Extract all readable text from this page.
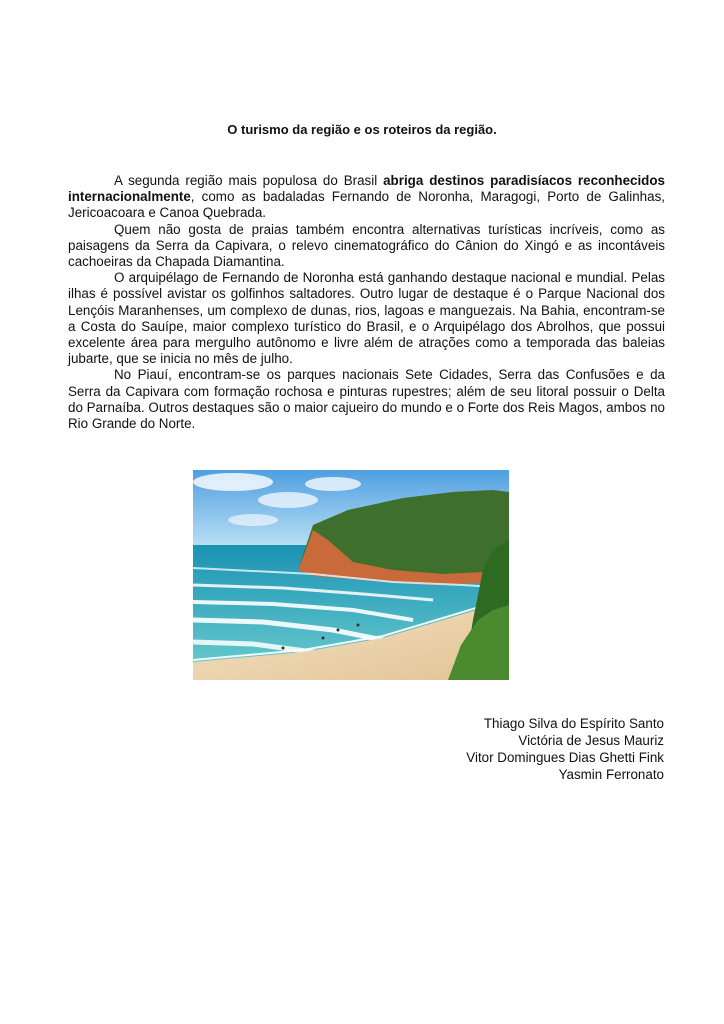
O turismo da região e os roteiros da região.

A segunda região mais populosa do Brasil abriga destinos paradisíacos reconhecidos internacionalmente, como as badaladas Fernando de Noronha, Maragogi, Porto de Galinhas, Jericoacoara e Canoa Quebrada.

Quem não gosta de praias também encontra alternativas turísticas incríveis, como as paisagens da Serra da Capivara, o relevo cinematográfico do Cânion do Xingó e as incontáveis cachoeiras da Chapada Diamantina.

O arquipélago de Fernando de Noronha está ganhando destaque nacional e mundial. Pelas ilhas é possível avistar os golfinhos saltadores. Outro lugar de destaque é o Parque Nacional dos Lençóis Maranhenses, um complexo de dunas, rios, lagoas e manguezais. Na Bahia, encontram-se a Costa do Sauípe, maior complexo turístico do Brasil, e o Arquipélago dos Abrolhos, que possui excelente área para mergulho autônomo e livre além de atrações como a temporada das baleias jubarte, que se inicia no mês de julho.

No Piauí, encontram-se os parques nacionais Sete Cidades, Serra das Confusões e da Serra da Capivara com formação rochosa e pinturas rupestres; além de seu litoral possuir o Delta do Parnaíba. Outros destaques são o maior cajueiro do mundo e o Forte dos Reis Magos, ambos no Rio Grande do Norte.

Thiago Silva do Espírito Santo
Victória de Jesus Mauriz
Vitor Domingues Dias Ghetti Fink
Yasmin Ferronato
